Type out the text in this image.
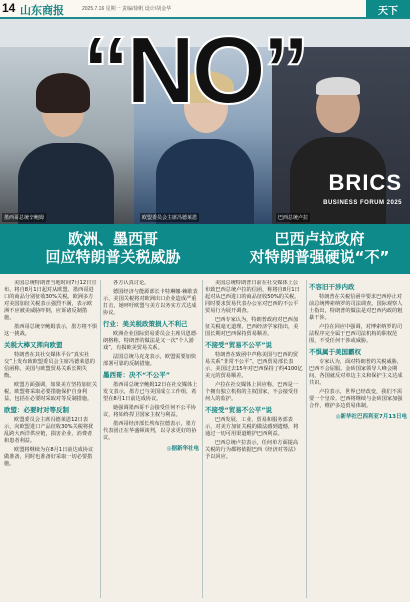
14 山东商报	2025.7.16 星期一 责编/徐帆 设计/胡金华	天下
墨西哥总统辛鲍姆	欧盟委员会主席冯德莱恩
BRICS
BUSINESS FORUM 2025
巴西总统卢拉
“NO”
欧洲、墨西哥
回应特朗普关税威胁
巴西卢拉政府
对特朗普强硬说“不”

美国总统特朗普当地时间7月12日宣布，将自8月1日起对从欧盟、墨西哥进口的商品分别征收30%关税。欧洲多方对美国加征关税表示强烈不满，表示欧洲不应被美威胁吓倒，应诉诸反制措施。

墨西哥总统辛鲍姆表示，墨方将不惧这一挑战。

关税大棒又挥向欧盟

特朗普在其社交媒体平台“真实社交”上发布致欧盟委员会主席冯德莱恩的信函称，美国与欧盟贸易关系长期失衡。

欧盟方面强调，如果美方坚持加征关税，欧盟将采取必要措施保护自身利益，包括在必要时采取对等反制措施。

欧盟：必要时对等反制

欧盟委员会主席冯德莱恩12日表示，向欧盟进口产品征收30%关税将扰乱跨大西洋供应链，损害企业、消费者和患者利益。

欧盟将继续为在8月1日前达成协议做准备，同时也准备好采取一切必要措施。

各方认真讨论。

德国经济与能源部长卡特琳娜·赖歇表示，美国关税将对欧洲出口企业造成严重打击，她呼吁欧盟与美方以务实方式达成协议。

行业：美关税政策损人不利己

欧洲企业国际贸易委员会主席贝恩德·朗格称，特朗普的做法是又一次“个人游戏”，有损欧美贸易关系。

法国总统马克龙表示，欧盟需要加快部署可靠的反制措施。

墨西哥：决不“不公平”

墨西哥总统辛鲍姆12日在社交媒体上发文表示，墨方已与美国成立工作组，希望在8月1日前达成协议。

她强调墨西哥不会接受任何不公平协议，将始终捍卫国家主权与利益。

墨西哥经济部长埃布拉德表示，墨方代表团正在华盛顿谈判，以寻求更好的协议。

◎据新华社电

美国总统特朗普日前在社交媒体上公布致巴西总统卢拉的信函，称将自8月1日起对从巴西进口的商品征收50%的关税。同时要求贸易代表办公室对巴西的不公平贸易行为展开调查。

巴西专家认为，特朗普政府对巴西加征关税毫无道理。巴西经济学家指出，美国长期对巴西保持贸易顺差。

不接受“贸易不公平”说

特朗普在致函中声称美国与巴西的贸易关系“非常不公平”。巴西贸易部长表示，美国过去15年对巴西保持了约4100亿美元的贸易顺差。

卢拉在社交媒体上回应称，巴西是一个拥有独立机构的主权国家，不会接受任何人的监护。

不接受“贸易不公平”说

巴西发展、工业、贸易和服务部表示，对美方加征关税的做法感到遗憾，将通过一切可用渠道维护巴西利益。

巴西总统卢拉表示，任何单方面提高关税的行为都将依据巴西《经济对等法》予以回应。

不容旧干涉内政

特朗普在关税信函中要求巴西停止对前总统博索纳罗的司法调查。国际观察人士指出，特朗普的做法是对巴西内政的粗暴干涉。

卢拉在回应中强调，对博索纳罗的司法程序完全属于巴西司法机构的职权范围，不受任何干涉或威胁。

不惧属于美国霸权

专家认为，面对特朗普的关税威胁，巴西不会屈服。金砖国家领导人峰会期间，各国就反对单边主义和保护主义达成共识。

卢拉表示，世界已经改变，我们不需要一个皇帝。巴西将继续与金砖国家加强合作，维护多边贸易体制。

◎新华社巴西利亚7月13日电
